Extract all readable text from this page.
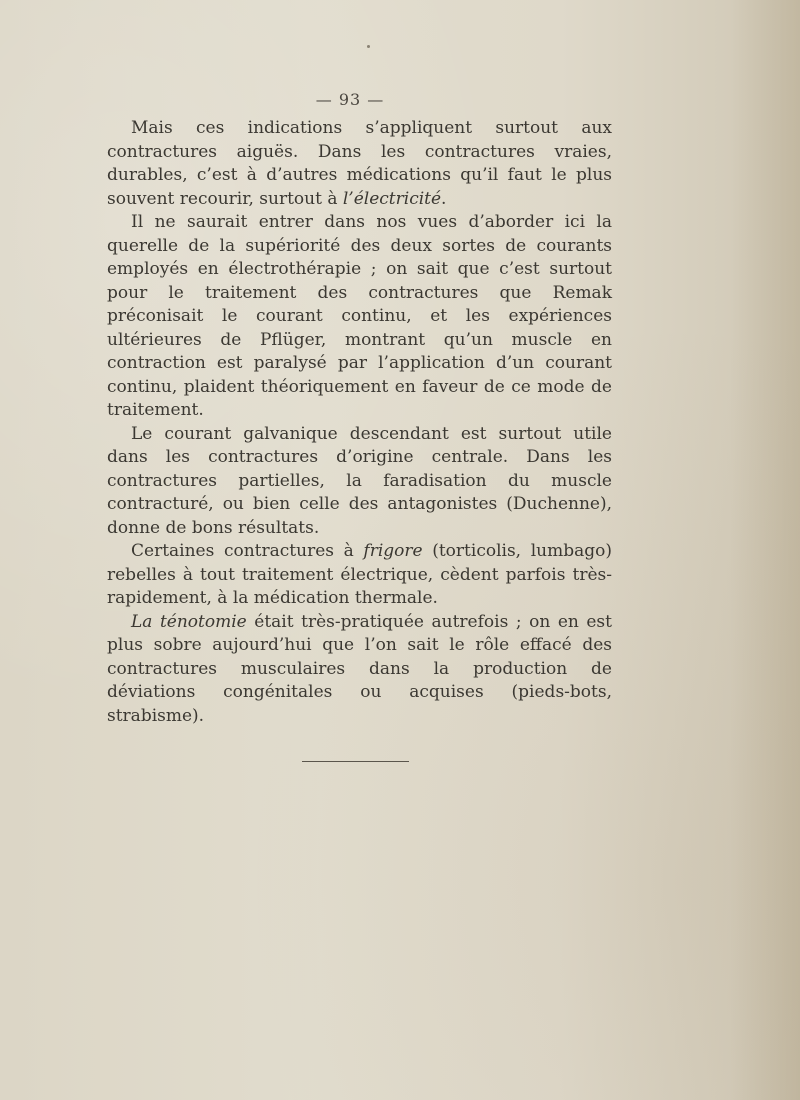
— 93 —

Mais ces indications s’appliquent surtout aux contractures aiguës. Dans les contractures vraies, durables, c’est à d’autres médications qu’il faut le plus souvent recourir, surtout à l’électricité.

Il ne saurait entrer dans nos vues d’aborder ici la querelle de la supériorité des deux sortes de courants employés en électrothérapie ; on sait que c’est surtout pour le traitement des contractures que Remak préconisait le courant continu, et les expériences ultérieures de Pflüger, montrant qu’un muscle en contraction est paralysé par l’application d’un courant continu, plaident théoriquement en faveur de ce mode de traitement.

Le courant galvanique descendant est surtout utile dans les contractures d’origine centrale. Dans les contractures partielles, la faradisation du muscle contracturé, ou bien celle des antagonistes (Duchenne), donne de bons résultats.

Certaines contractures à frigore (torticolis, lumbago) rebelles à tout traitement électrique, cèdent parfois très-rapidement, à la médication thermale.

La ténotomie était très-pratiquée autrefois ; on en est plus sobre aujourd’hui que l’on sait le rôle effacé des contractures musculaires dans la production de déviations congénitales ou acquises (pieds-bots, strabisme).
